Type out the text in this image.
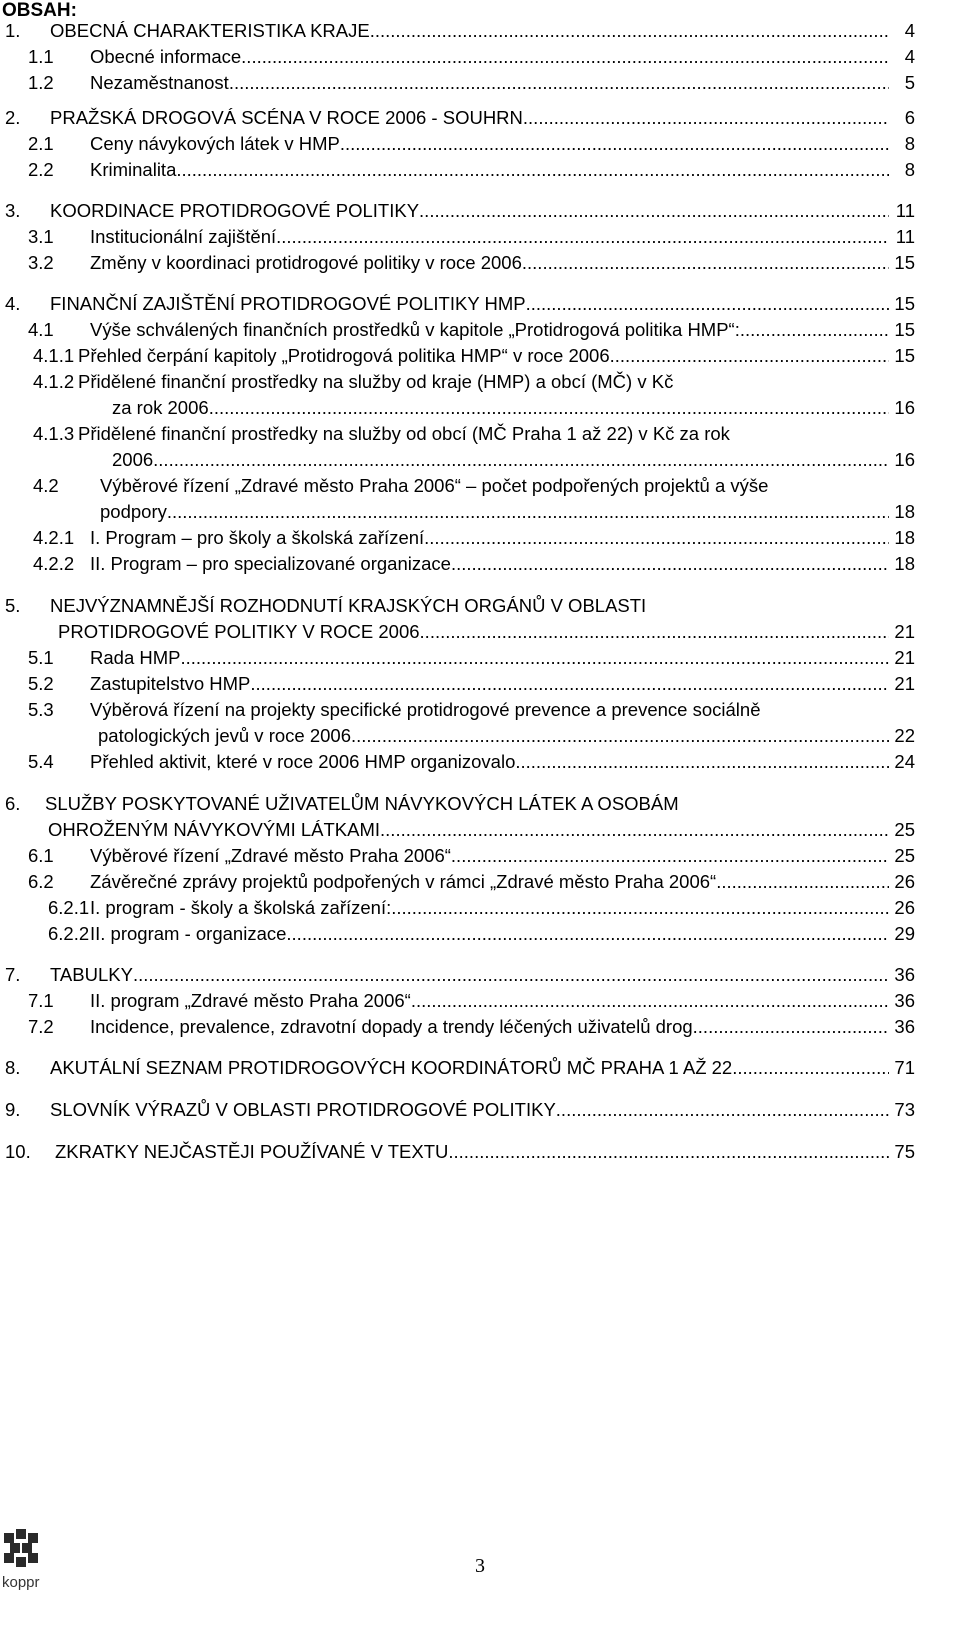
OBSAH:
1. OBECNÁ CHARAKTERISTIKA KRAJE .....	4
1.1 Obecné informace .....	4
1.2 Nezaměstnanost .....	5
2. PRAŽSKÁ DROGOVÁ SCÉNA V ROCE 2006 - SOUHRN .....	6
2.1 Ceny návykových látek v HMP .....	8
2.2 Kriminalita .....	8
3. KOORDINACE PROTIDROGOVÉ POLITIKY .....	11
3.1 Institucionální zajištění .....	11
3.2 Změny v koordinaci protidrogové politiky v roce 2006 .....	15
4. FINANČNÍ ZAJIŠTĚNÍ PROTIDROGOVÉ POLITIKY HMP .....	15
4.1 Výše schválených finančních prostředků v kapitole „Protidrogová politika HMP“: .....	15
4.1.1 Přehled čerpání kapitoly „Protidrogová politika HMP“ v roce 2006 .....	15
4.1.2 Přidělené finanční prostředky na služby od kraje (HMP) a obcí (MČ) v Kč
za rok 2006 .....	16
4.1.3 Přidělené finanční prostředky na služby od obcí (MČ Praha 1 až 22) v Kč za rok
2006 .....	16
4.2 Výběrové řízení „Zdravé město Praha 2006“ – počet podpořených projektů a výše
podpory .....	18
4.2.1 I. Program – pro školy a školská zařízení .....	18
4.2.2 II. Program – pro specializované organizace .....	18
5. NEJVÝZNAMNĚJŠÍ ROZHODNUTÍ KRAJSKÝCH ORGÁNŮ V OBLASTI
PROTIDROGOVÉ POLITIKY V ROCE 2006 .....	21
5.1 Rada HMP .....	21
5.2 Zastupitelstvo HMP .....	21
5.3 Výběrová řízení na projekty specifické protidrogové prevence a prevence sociálně
patologických jevů v roce 2006 .....	22
5.4 Přehled aktivit, které v roce 2006 HMP organizovalo .....	24
6. SLUŽBY POSKYTOVANÉ UŽIVATELŮM NÁVYKOVÝCH LÁTEK A OSOBÁM
OHROŽENÝM NÁVYKOVÝMI LÁTKAMI .....	25
6.1 Výběrové řízení „Zdravé město Praha 2006“ .....	25
6.2 Závěrečné zprávy projektů podpořených v rámci „Zdravé město Praha 2006“ .....	26
6.2.1 I. program - školy a školská zařízení: .....	26
6.2.2 II. program - organizace .....	29
7. TABULKY .....	36
7.1 II. program „Zdravé město Praha 2006“ .....	36
7.2 Incidence, prevalence, zdravotní dopady a trendy léčených uživatelů drog .....	36
8. AKUTÁLNÍ SEZNAM PROTIDROGOVÝCH KOORDINÁTORŮ MČ PRAHA 1 AŽ 22 .....	71
9. SLOVNÍK VÝRAZŮ V OBLASTI PROTIDROGOVÉ POLITIKY .....	73
10. ZKRATKY NEJČASTĚJI POUŽÍVANÉ V TEXTU .....	75
3
koppr
